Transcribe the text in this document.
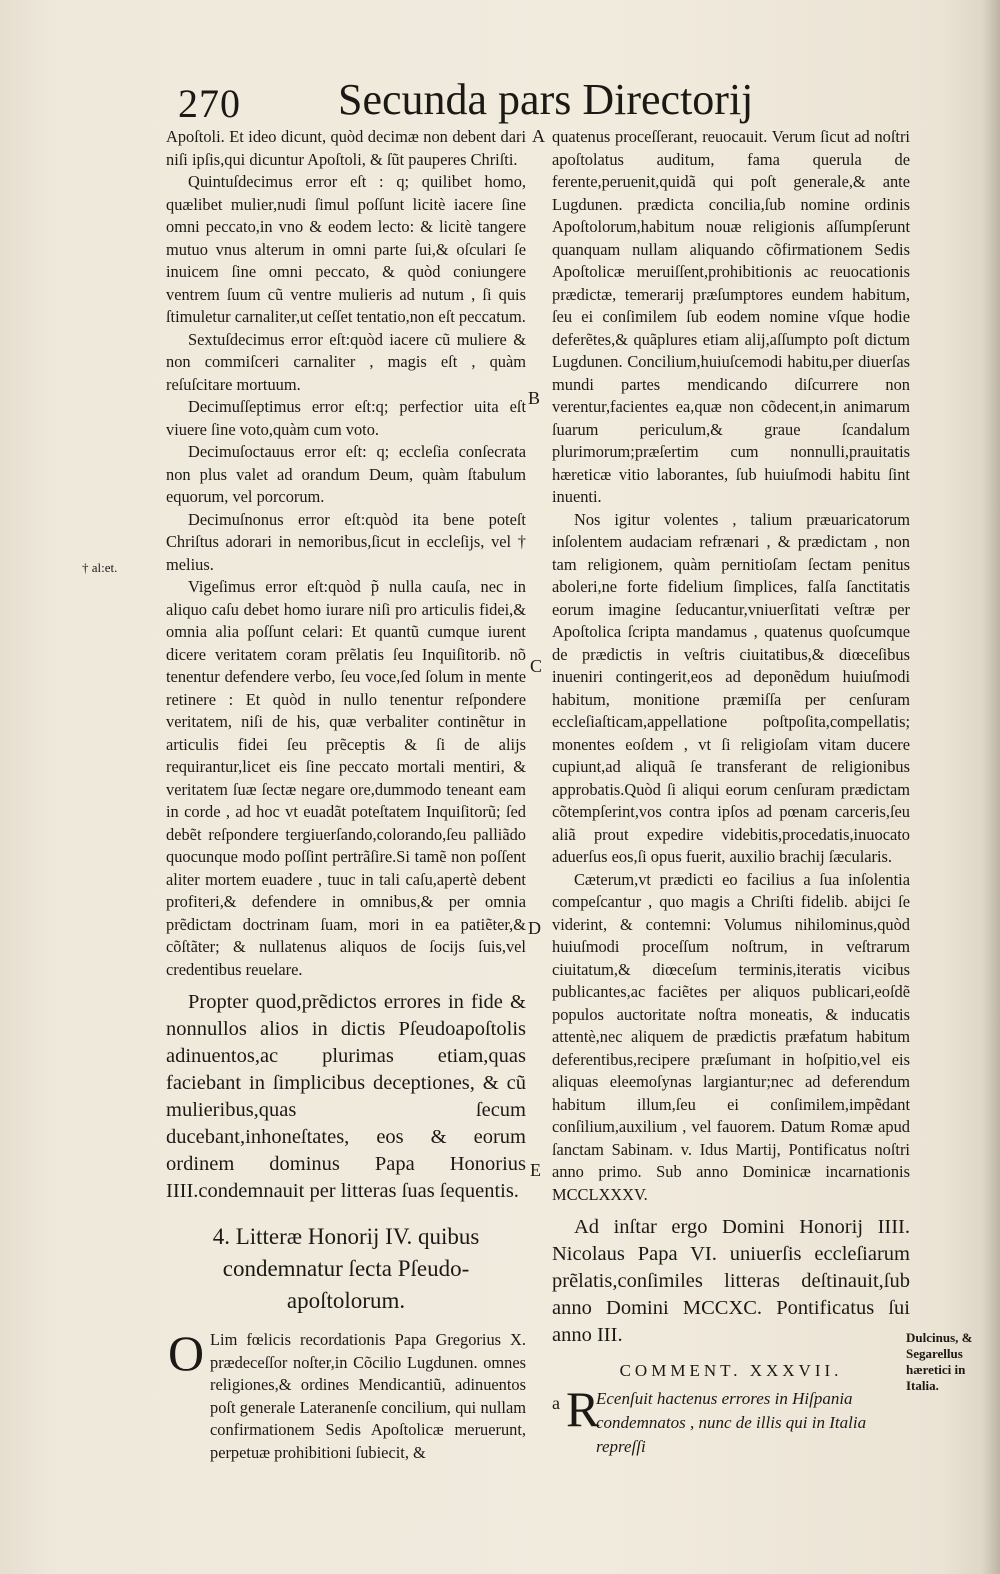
270 Secunda pars Directorij
† al:et.

Apoſtoli. Et ideo dicunt, quòd decimæ non debent dari niſi ipſis,qui dicuntur Apoſtoli, & ſũt pauperes Chriſti.

Quintuſdecimus error eſt : q; quilibet homo, quælibet mulier,nudi ſimul poſſunt licitè iacere ſine omni peccato,in vno & eodem lecto: & licitè tangere mutuo vnus alterum in omni parte ſui,& oſculari ſe inuicem ſine omni peccato, & quòd coniungere ventrem ſuum cũ ventre mulieris ad nutum , ſi quis ſtimuletur carnaliter,ut ceſſet tentatio,non eſt peccatum.

Sextuſdecimus error eſt:quòd iacere cũ muliere & non commiſceri carnaliter , magis eſt , quàm reſuſcitare mortuum.

Decimuſſeptimus error eſt:q; perfectior uita eſt viuere ſine voto,quàm cum voto.

Decimuſoctauus error eſt: q; eccleſia conſecrata non plus valet ad orandum Deum, quàm ſtabulum equorum, vel porcorum.

Decimuſnonus error eſt:quòd ita bene poteſt Chriſtus adorari in nemoribus,ſicut in eccleſijs, vel † melius.

Vigeſimus error eſt:quòd p̃ nulla cauſa, nec in aliquo caſu debet homo iurare niſi pro articulis fidei,& omnia alia poſſunt celari: Et quantũ cumque iurent dicere veritatem coram prẽlatis ſeu Inquiſitorib. nõ tenentur defendere verbo, ſeu voce,ſed ſolum in mente retinere : Et quòd in nullo tenentur reſpondere veritatem, niſi de his, quæ verbaliter continẽtur in articulis fidei ſeu prẽceptis & ſi de alijs requirantur,licet eis ſine peccato mortali mentiri, & veritatem ſuæ ſectæ negare ore,dummodo teneant eam in corde , ad hoc vt euadãt poteſtatem Inquiſitorũ; ſed debẽt reſpondere tergiuerſando,colorando,ſeu palliãdo quocunque modo poſſint pertrãſire.Si tamẽ non poſſent aliter mortem euadere , tuuc in tali caſu,apertè debent profiteri,& defendere in omnibus,& per omnia prẽdictam doctrinam ſuam, mori in ea patiẽter,& cõſtãter; & nullatenus aliquos de ſocijs ſuis,vel credentibus reuelare.

Propter quod,prẽdictos errores in fide & nonnullos alios in dictis Pſeudoapoſtolis adinuentos,ac plurimas etiam,quas faciebant in ſimplicibus deceptiones, & cũ mulieribus,quas ſecum ducebant,inhoneſtates, eos & eorum ordinem dominus Papa Honorius IIII.condemnauit per litteras ſuas ſequentis.

4. Litteræ Honorij IV. quibus condemnatur ſecta Pſeudo-apoſtolorum.

O Lim fœlicis recordationis Papa Gregorius X. prædeceſſor noſter,in Cõcilio Lugdunen. omnes religiones,& ordines Mendicantiũ, adinuentos poſt generale Lateranenſe concilium, qui nullam confirmationem Sedis Apoſtolicæ meruerunt, perpetuæ prohibitioni ſubiecit, &

A
B
C
D
E

quatenus proceſſerant, reuocauit. Verum ſicut ad noſtri apoſtolatus auditum, fama querula de ferente,peruenit,quidã qui poſt generale,& ante Lugdunen. prædicta concilia,ſub nomine ordinis Apoſtolorum,habitum nouæ religionis aſſumpſerunt quanquam nullam aliquando cõfirmationem Sedis Apoſtolicæ meruiſſent,prohibitionis ac reuocationis prædictæ, temerarij præſumptores eundem habitum, ſeu ei conſimilem ſub eodem nomine vſque hodie deferẽtes,& quãplures etiam alij,aſſumpto poſt dictum Lugdunen. Concilium,huiuſcemodi habitu,per diuerſas mundi partes mendicando diſcurrere non verentur,facientes ea,quæ non cõdecent,in animarum ſuarum periculum,& graue ſcandalum plurimorum;præſertim cum nonnulli,prauitatis hæreticæ vitio laborantes, ſub huiuſmodi habitu ſint inuenti.

Nos igitur volentes , talium præuaricatorum inſolentem audaciam refrænari , & prædictam , non tam religionem, quàm pernitioſam ſectam penitus aboleri,ne forte fidelium ſimplices, falſa ſanctitatis eorum imagine ſeducantur,vniuerſitati veſtræ per Apoſtolica ſcripta mandamus , quatenus quoſcumque de prædictis in veſtris ciuitatibus,& diœceſibus inueniri contingerit,eos ad deponẽdum huiuſmodi habitum, monitione præmiſſa per cenſuram eccleſiaſticam,appellatione poſtpoſita,compellatis; monentes eoſdem , vt ſi religioſam vitam ducere cupiunt,ad aliquã ſe transferant de religionibus approbatis.Quòd ſi aliqui eorum cenſuram prædictam cõtempſerint,vos contra ipſos ad pœnam carceris,ſeu aliã prout expedire videbitis,procedatis,inuocato aduerſus eos,ſi opus fuerit, auxilio brachij ſæcularis.

Cæterum,vt prædicti eo facilius a ſua inſolentia compeſcantur , quo magis a Chriſti fidelib. abijci ſe viderint, & contemni: Volumus nihilominus,quòd huiuſmodi proceſſum noſtrum, in veſtrarum ciuitatum,& diœceſum terminis,iteratis vicibus publicantes,ac faciẽtes per aliquos publicari,eoſdẽ populos auctoritate noſtra moneatis, & inducatis attentè,nec aliquem de prædictis præfatum habitum deferentibus,recipere præſumant in hoſpitio,vel eis aliquas eleemoſynas largiantur;nec ad deferendum habitum illum,ſeu ei conſimilem,impẽdant conſilium,auxilium , vel fauorem. Datum Romæ apud ſanctam Sabinam. v. Idus Martij, Pontificatus noſtri anno primo. Sub anno Dominicæ incarnationis MCCLXXXV.

Ad inſtar ergo Domini Honorij IIII. Nicolaus Papa VI. uniuerſis eccleſiarum prẽlatis,conſimiles litteras deſtinauit,ſub anno Domini MCCXC. Pontificatus ſui anno III.

COMMENT. XXXVII.

a R
Ecenſuit hactenus errores in Hiſpania condemnatos , nunc de illis qui in Italia repreſſi

Dulcinus, & Segarellus hæretici in Italia.
